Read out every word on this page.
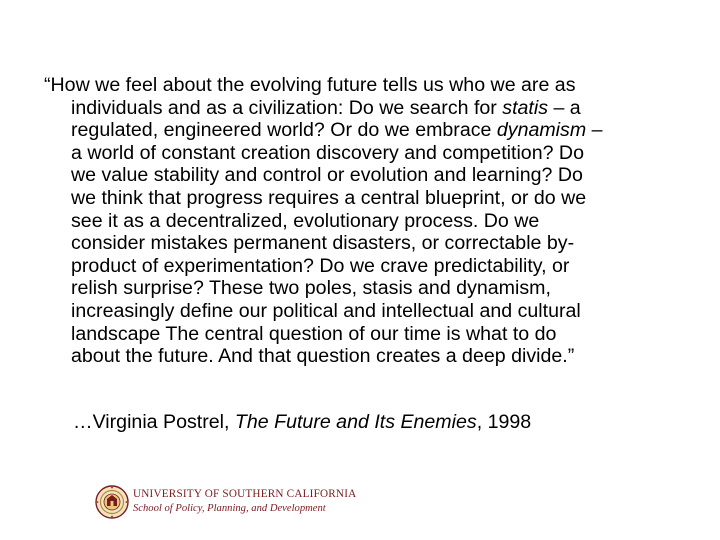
“How we feel about the evolving future tells us who we are as
individuals and as a civilization: Do we search for statis – a
regulated, engineered world? Or do we embrace dynamism –
a world of constant creation discovery and competition? Do
we value stability and control or evolution and learning? Do
we think that progress requires a central blueprint, or do we
see it as a decentralized, evolutionary process. Do we
consider mistakes permanent disasters, or correctable by-
product of experimentation? Do we crave predictability, or
relish surprise? These two poles, stasis and dynamism,
increasingly define our political and intellectual and cultural
landscape The central question of our time is what to do
about the future. And that question creates a deep divide.”

…Virginia Postrel, The Future and Its Enemies, 1998

UNIVERSITY OF SOUTHERN CALIFORNIA
School of Policy, Planning, and Development
